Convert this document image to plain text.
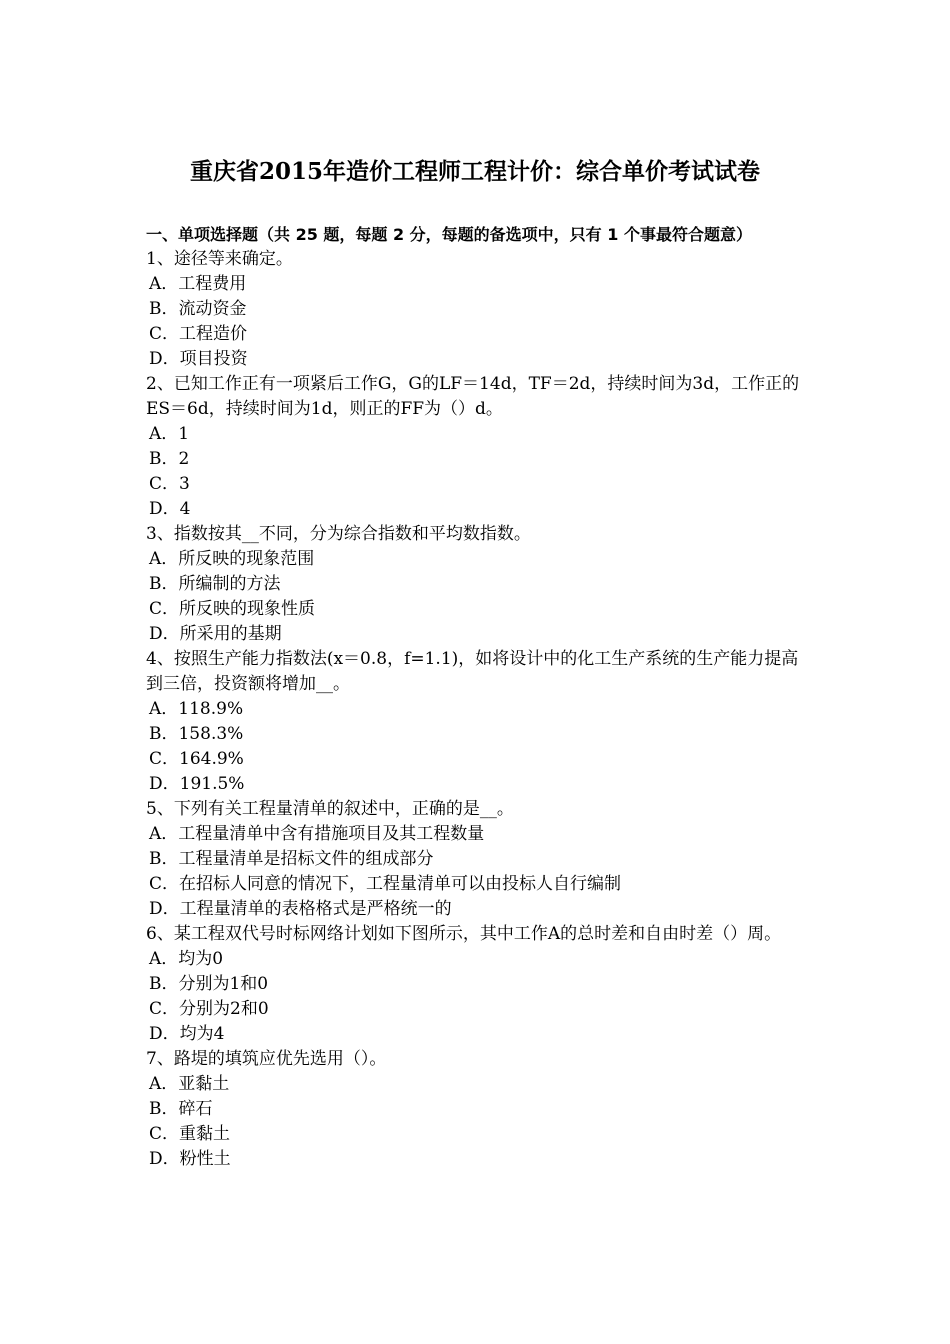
重庆省2015年造价工程师工程计价：综合单价考试试卷

一、单项选择题（共 25 题，每题 2 分，每题的备选项中，只有 1 个事最符合题意）

1、途径等来确定。

A．工程费用
B．流动资金
C．工程造价
D．项目投资

2、已知工作正有一项紧后工作G，G的LF＝14d，TF＝2d，持续时间为3d，工作正的ES＝6d，持续时间为1d，则正的FF为（）d。

A．1
B．2
C．3
D．4

3、指数按其__不同，分为综合指数和平均数指数。

A．所反映的现象范围
B．所编制的方法
C．所反映的现象性质
D．所采用的基期

4、按照生产能力指数法(x＝0.8，f=1.1)，如将设计中的化工生产系统的生产能力提高到三倍，投资额将增加__。

A．118.9%
B．158.3%
C．164.9%
D．191.5%

5、下列有关工程量清单的叙述中，正确的是__。

A．工程量清单中含有措施项目及其工程数量
B．工程量清单是招标文件的组成部分
C．在招标人同意的情况下，工程量清单可以由投标人自行编制
D．工程量清单的表格格式是严格统一的

6、某工程双代号时标网络计划如下图所示，其中工作A的总时差和自由时差（）周。

A．均为0
B．分别为1和0
C．分别为2和0
D．均为4

7、路堤的填筑应优先选用（）。

A．亚黏土
B．碎石
C．重黏土
D．粉性土
